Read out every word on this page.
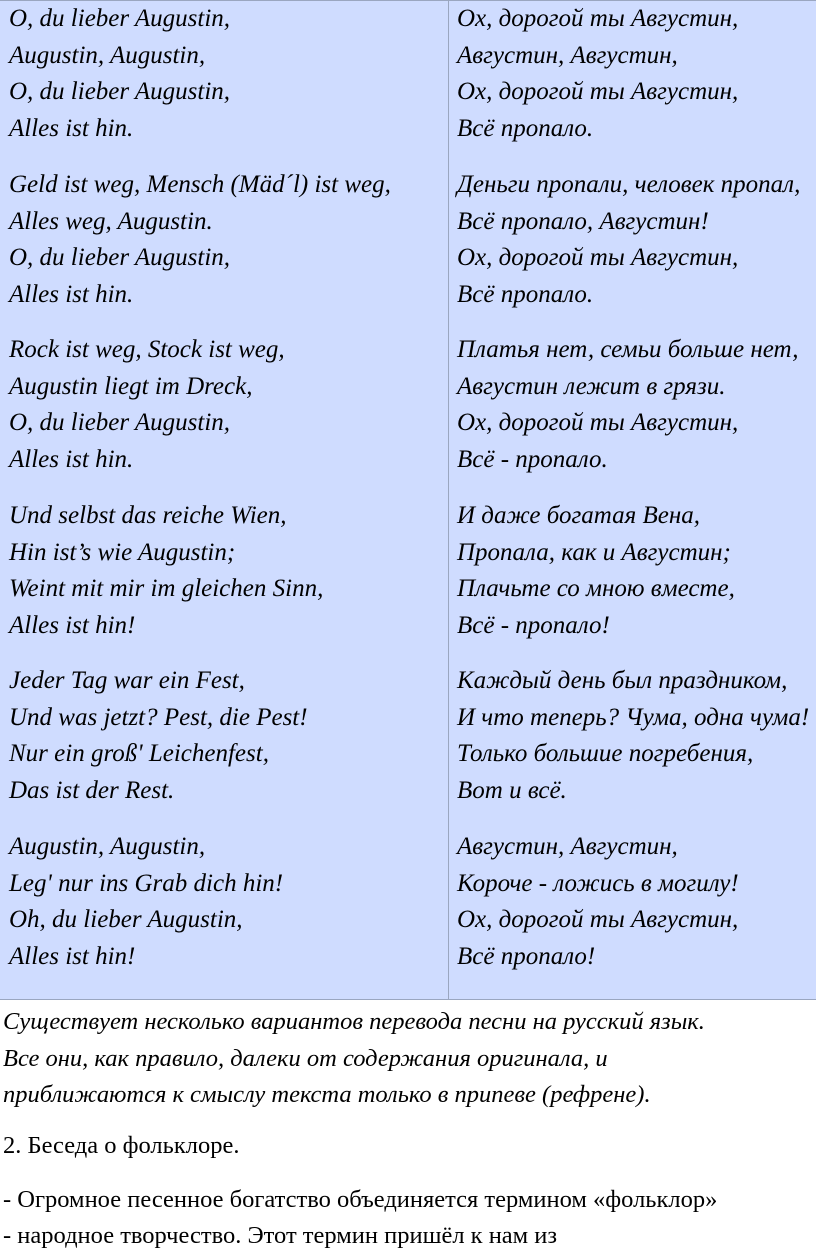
O, du lieber Augustin,
Augustin, Augustin,
O, du lieber Augustin,
Alles ist hin.
Ох, дорогой ты Августин,
Августин, Августин,
Ох, дорогой ты Августин,
Всё пропало.
Geld ist weg, Mensch (Mäd´l) ist weg,
Alles weg, Augustin.
O, du lieber Augustin,
Alles ist hin.
Деньги пропали, человек пропал,
Всё пропало, Августин!
Ох, дорогой ты Августин,
Всё пропало.
Rock ist weg, Stock ist weg,
Augustin liegt im Dreck,
O, du lieber Augustin,
Alles ist hin.
Платья нет, семьи больше нет,
Августин лежит в грязи.
Ох, дорогой ты Августин,
Всё - пропало.
Und selbst das reiche Wien,
Hin ist’s wie Augustin;
Weint mit mir im gleichen Sinn,
Alles ist hin!
И даже богатая Вена,
Пропала, как и Августин;
Плачьте со мною вместе,
Всё - пропало!
Jeder Tag war ein Fest,
Und was jetzt? Pest, die Pest!
Nur ein groß' Leichenfest,
Das ist der Rest.
Каждый день был праздником,
И что теперь? Чума, одна чума!
Только большие погребения,
Вот и всё.
Augustin, Augustin,
Leg' nur ins Grab dich hin!
Oh, du lieber Augustin,
Alles ist hin!
Августин, Августин,
Короче - ложись в могилу!
Ох, дорогой ты Августин,
Всё пропало!
Существует несколько вариантов перевода песни на русский язык.
Все они, как правило, далеки от содержания оригинала, и
приближаются к смыслу текста только в припеве (рефрене).
2. Беседа о фольклоре.
- Огромное песенное богатство объединяется термином «фольклор»
- народное творчество. Этот термин пришёл к нам из
